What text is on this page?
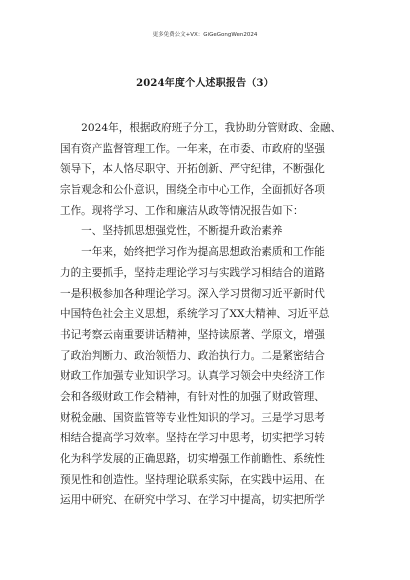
更多免费公文+VX：GiGeGongWen2024
2024年度个人述职报告（3）
　　2024年，根据政府班子分工，我协助分管财政、金融、
国有资产监督管理工作。一年来，在市委、市政府的坚强
领导下，本人恪尽职守、开拓创新、严守纪律，不断强化
宗旨观念和公仆意识，围绕全市中心工作，全面抓好各项
工作。现将学习、工作和廉洁从政等情况报告如下：
　　一、坚持抓思想强党性，不断提升政治素养
　　一年来，始终把学习作为提高思想政治素质和工作能
力的主要抓手，坚持走理论学习与实践学习相结合的道路
一是积极参加各种理论学习。深入学习贯彻习近平新时代
中国特色社会主义思想，系统学习了XX大精神、习近平总
书记考察云南重要讲话精神，坚持读原著、学原文，增强
了政治判断力、政治领悟力、政治执行力。二是紧密结合
财政工作加强专业知识学习。认真学习领会中央经济工作
会和各级财政工作会精神，有针对性的加强了财政管理、
财税金融、国资监管等专业性知识的学习。三是学习思考
相结合提高学习效率。坚持在学习中思考，切实把学习转
化为科学发展的正确思路，切实增强工作前瞻性、系统性
预见性和创造性。坚持理论联系实际，在实践中运用、在
运用中研究、在研究中学习、在学习中提高，切实把所学
